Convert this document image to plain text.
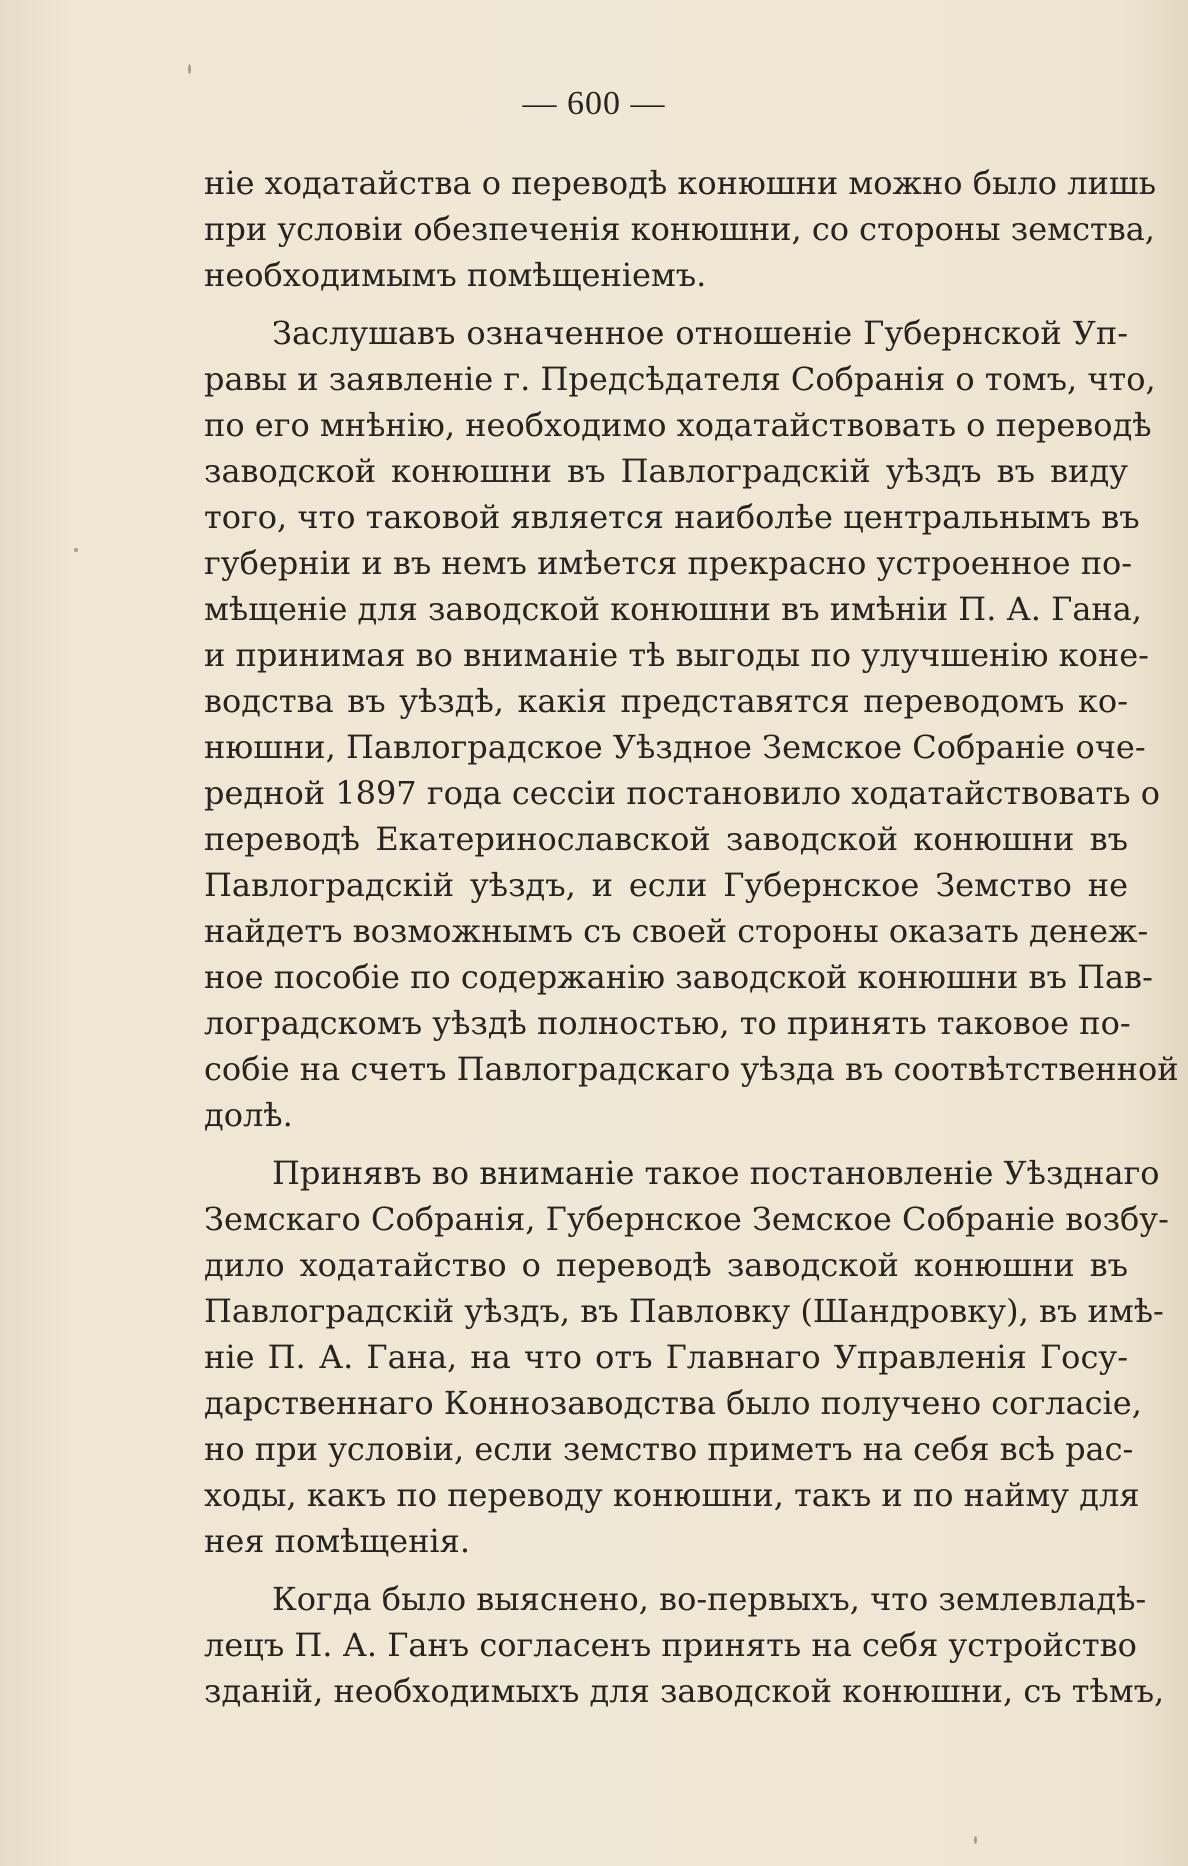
— 600 —
ніе ходатайства о переводѣ конюшни можно было лишь
при условіи обезпеченія конюшни, со стороны земства,
необходимымъ помѣщеніемъ.
Заслушавъ означенное отношеніе Губернской Уп-
равы и заявленіе г. Предсѣдателя Собранія о томъ, что,
по его мнѣнію, необходимо ходатайствовать о переводѣ
заводской конюшни въ Павлоградскій уѣздъ въ виду
того, что таковой является наиболѣе центральнымъ въ
губерніи и въ немъ имѣется прекрасно устроенное по-
мѣщеніе для заводской конюшни въ имѣніи П. А. Гана,
и принимая во вниманіе тѣ выгоды по улучшенію коне-
водства въ уѣздѣ, какія представятся переводомъ ко-
нюшни, Павлоградское Уѣздное Земское Собраніе оче-
редной 1897 года сессіи постановило ходатайствовать о
переводѣ Екатеринославской заводской конюшни въ
Павлоградскій уѣздъ, и если Губернское Земство не
найдетъ возможнымъ съ своей стороны оказать денеж-
ное пособіе по содержанію заводской конюшни въ Пав-
лоградскомъ уѣздѣ полностью, то принять таковое по-
собіе на счетъ Павлоградскаго уѣзда въ соотвѣтственной
долѣ.
Принявъ во вниманіе такое постановленіе Уѣзднаго
Земскаго Собранія, Губернское Земское Собраніе возбу-
дило ходатайство о переводѣ заводской конюшни въ
Павлоградскій уѣздъ, въ Павловку (Шандровку), въ имѣ-
ніе П. А. Гана, на что отъ Главнаго Управленія Госу-
дарственнаго Коннозаводства было получено согласіе,
но при условіи, если земство приметъ на себя всѣ рас-
ходы, какъ по переводу конюшни, такъ и по найму для
нея помѣщенія.
Когда было выяснено, во-первыхъ, что землевладѣ-
лецъ П. А. Ганъ согласенъ принять на себя устройство
зданій, необходимыхъ для заводской конюшни, съ тѣмъ,
